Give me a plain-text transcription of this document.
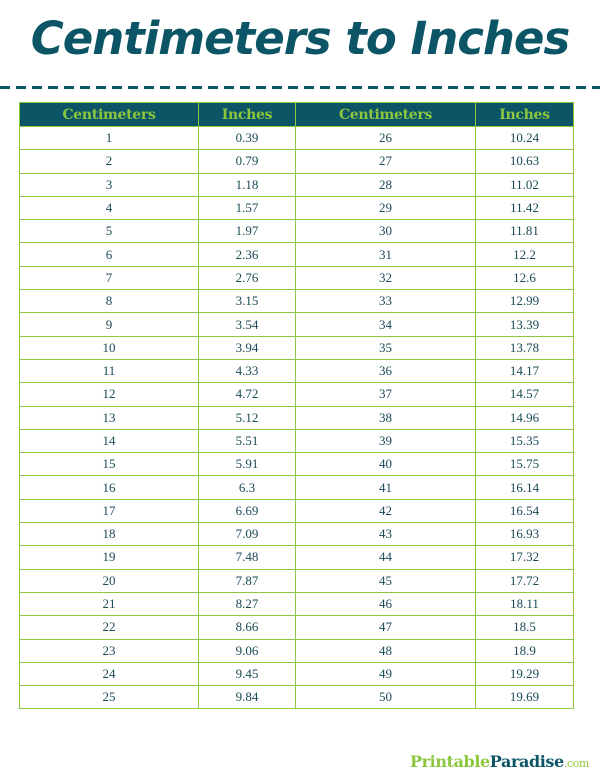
Centimeters to Inches
Centimeters	Inches	Centimeters	Inches
1	0.39	26	10.24
2	0.79	27	10.63
3	1.18	28	11.02
4	1.57	29	11.42
5	1.97	30	11.81
6	2.36	31	12.2
7	2.76	32	12.6
8	3.15	33	12.99
9	3.54	34	13.39
10	3.94	35	13.78
11	4.33	36	14.17
12	4.72	37	14.57
13	5.12	38	14.96
14	5.51	39	15.35
15	5.91	40	15.75
16	6.3	41	16.14
17	6.69	42	16.54
18	7.09	43	16.93
19	7.48	44	17.32
20	7.87	45	17.72
21	8.27	46	18.11
22	8.66	47	18.5
23	9.06	48	18.9
24	9.45	49	19.29
25	9.84	50	19.69
PrintableParadise.com
